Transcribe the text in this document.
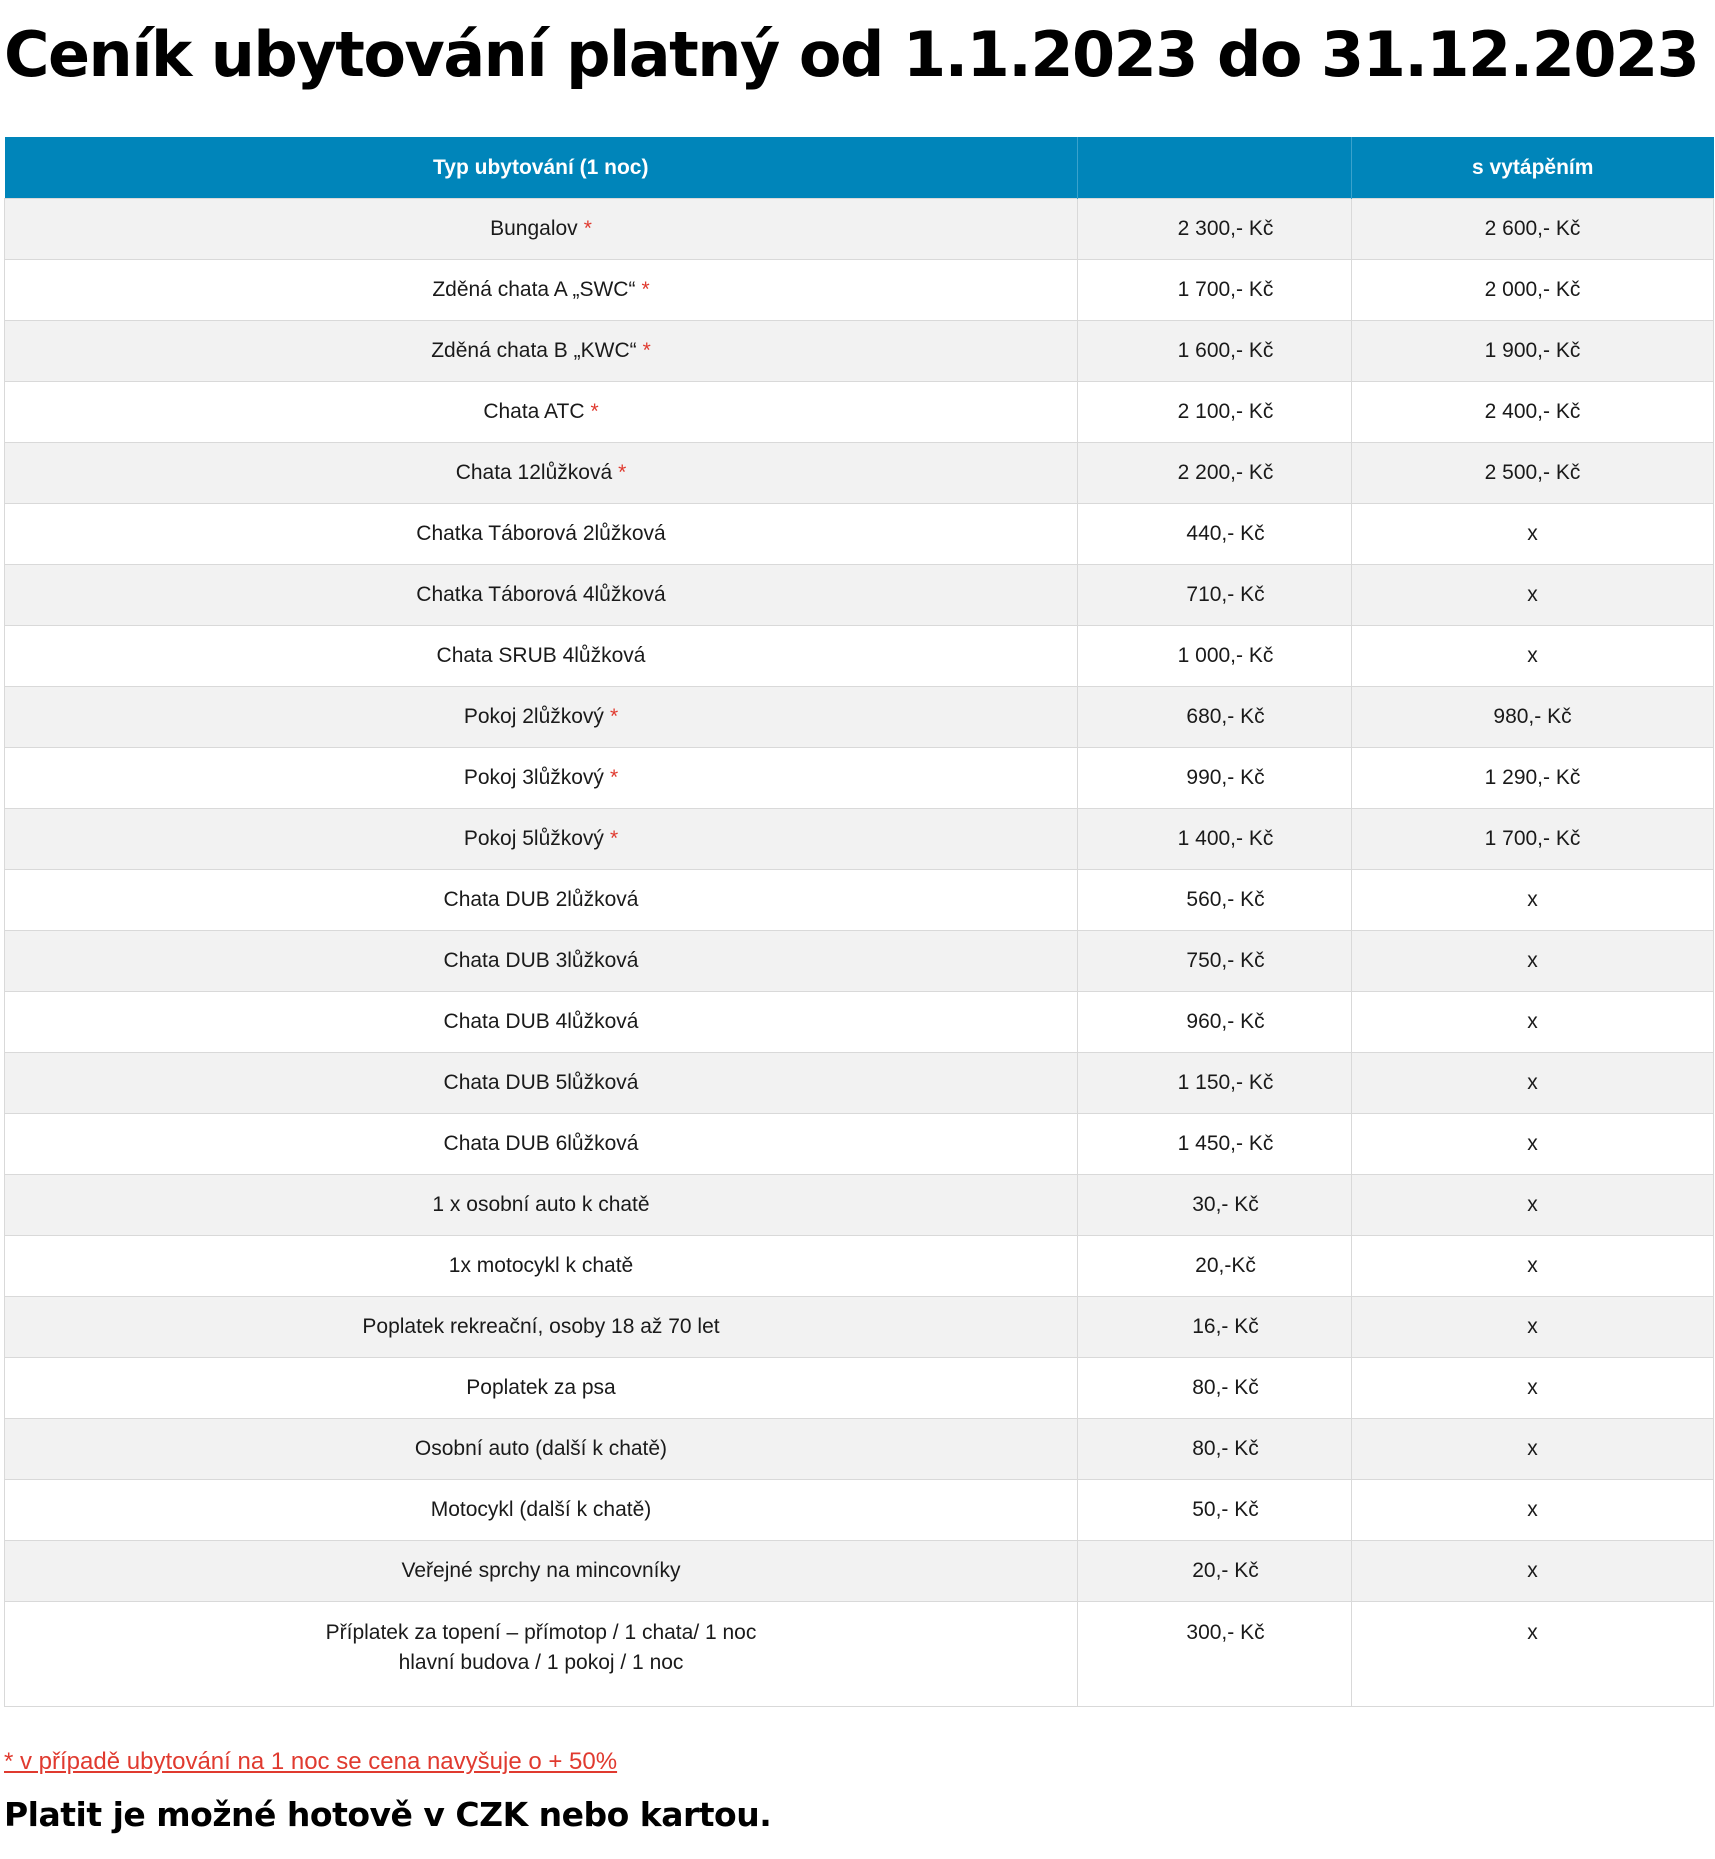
Ceník ubytování platný od 1.1.2023 do 31.12.2023
Typ ubytování (1 noc)		s vytápěním
Bungalov *	2 300,- Kč	2 600,- Kč
Zděná chata A „SWC“ *	1 700,- Kč	2 000,- Kč
Zděná chata B „KWC“ *	1 600,- Kč	1 900,- Kč
Chata ATC *	2 100,- Kč	2 400,- Kč
Chata 12lůžková *	2 200,- Kč	2 500,- Kč
Chatka Táborová 2lůžková	440,- Kč	x
Chatka Táborová 4lůžková	710,- Kč	x
Chata SRUB 4lůžková	1 000,- Kč	x
Pokoj 2lůžkový *	680,- Kč	980,- Kč
Pokoj 3lůžkový *	990,- Kč	1 290,- Kč
Pokoj 5lůžkový *	1 400,- Kč	1 700,- Kč
Chata DUB 2lůžková	560,- Kč	x
Chata DUB 3lůžková	750,- Kč	x
Chata DUB 4lůžková	960,- Kč	x
Chata DUB 5lůžková	1 150,- Kč	x
Chata DUB 6lůžková	1 450,- Kč	x
1 x osobní auto k chatě	30,- Kč	x
1x motocykl k chatě	20,-Kč	x
Poplatek rekreační, osoby 18 až 70 let	16,- Kč	x
Poplatek za psa	80,- Kč	x
Osobní auto (další k chatě)	80,- Kč	x
Motocykl (další k chatě)	50,- Kč	x
Veřejné sprchy na mincovníky	20,- Kč	x

Příplatek za topení – přímotop / 1 chata/ 1 noc
hlavní budova / 1 pokoj / 1 noc	300,- Kč	x
* v případě ubytování na 1 noc se cena navyšuje o + 50%

Platit je možné hotově v CZK nebo kartou.
